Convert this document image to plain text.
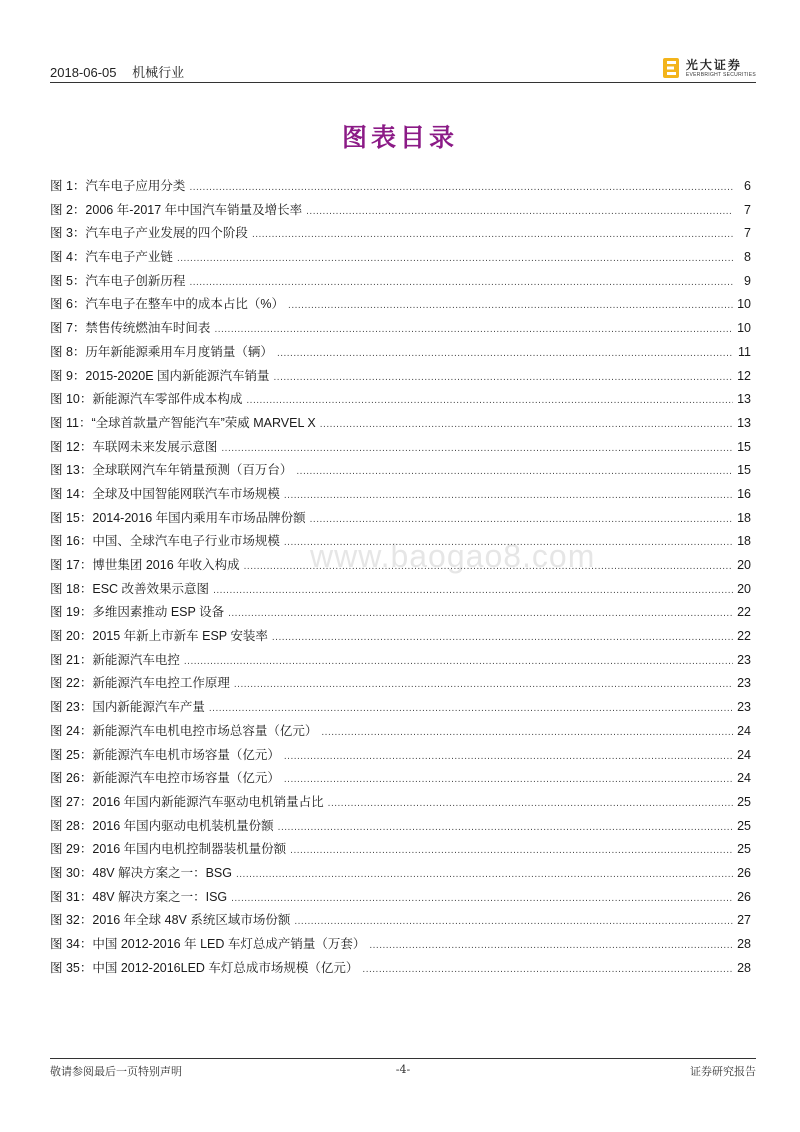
2018-06-05 机械行业
光大证券
EVERBRIGHT SECURITIES
图表目录
图 1：汽车电子应用分类 .....	6
图 2：2006 年-2017 年中国汽车销量及增长率 .....	7
图 3：汽车电子产业发展的四个阶段 .....	7
图 4：汽车电子产业链 .....	8
图 5：汽车电子创新历程 .....	9
图 6：汽车电子在整车中的成本占比（%） .....	10
图 7：禁售传统燃油车时间表 .....	10
图 8：历年新能源乘用车月度销量（辆） .....	11
图 9：2015-2020E 国内新能源汽车销量 .....	12
图 10：新能源汽车零部件成本构成 .....	13
图 11：“全球首款量产智能汽车”荣威 MARVEL X .....	13
图 12：车联网未来发展示意图 .....	15
图 13：全球联网汽车年销量预测（百万台） .....	15
图 14：全球及中国智能网联汽车市场规模 .....	16
图 15：2014-2016 年国内乘用车市场品牌份额 .....	18
图 16：中国、全球汽车电子行业市场规模 .....	18
图 17：博世集团 2016 年收入构成 .....	20
图 18：ESC 改善效果示意图 .....	20
图 19：多维因素推动 ESP 设备 .....	22
图 20：2015 年新上市新车 ESP 安装率 .....	22
图 21：新能源汽车电控 .....	23
图 22：新能源汽车电控工作原理 .....	23
图 23：国内新能源汽车产量 .....	23
图 24：新能源汽车电机电控市场总容量（亿元） .....	24
图 25：新能源汽车电机市场容量（亿元） .....	24
图 26：新能源汽车电控市场容量（亿元） .....	24
图 27：2016 年国内新能源汽车驱动电机销量占比 .....	25
图 28：2016 年国内驱动电机装机量份额 .....	25
图 29：2016 年国内电机控制器装机量份额 .....	25
图 30：48V 解决方案之一：BSG .....	26
图 31：48V 解决方案之一：ISG .....	26
图 32：2016 年全球 48V 系统区域市场份额 .....	27
图 34：中国 2012-2016 年 LED 车灯总成产销量（万套） .....	28
图 35：中国 2012-2016LED 车灯总成市场规模（亿元） .....	28
www.baogao8.com
敬请参阅最后一页特别声明	-4-	证券研究报告
